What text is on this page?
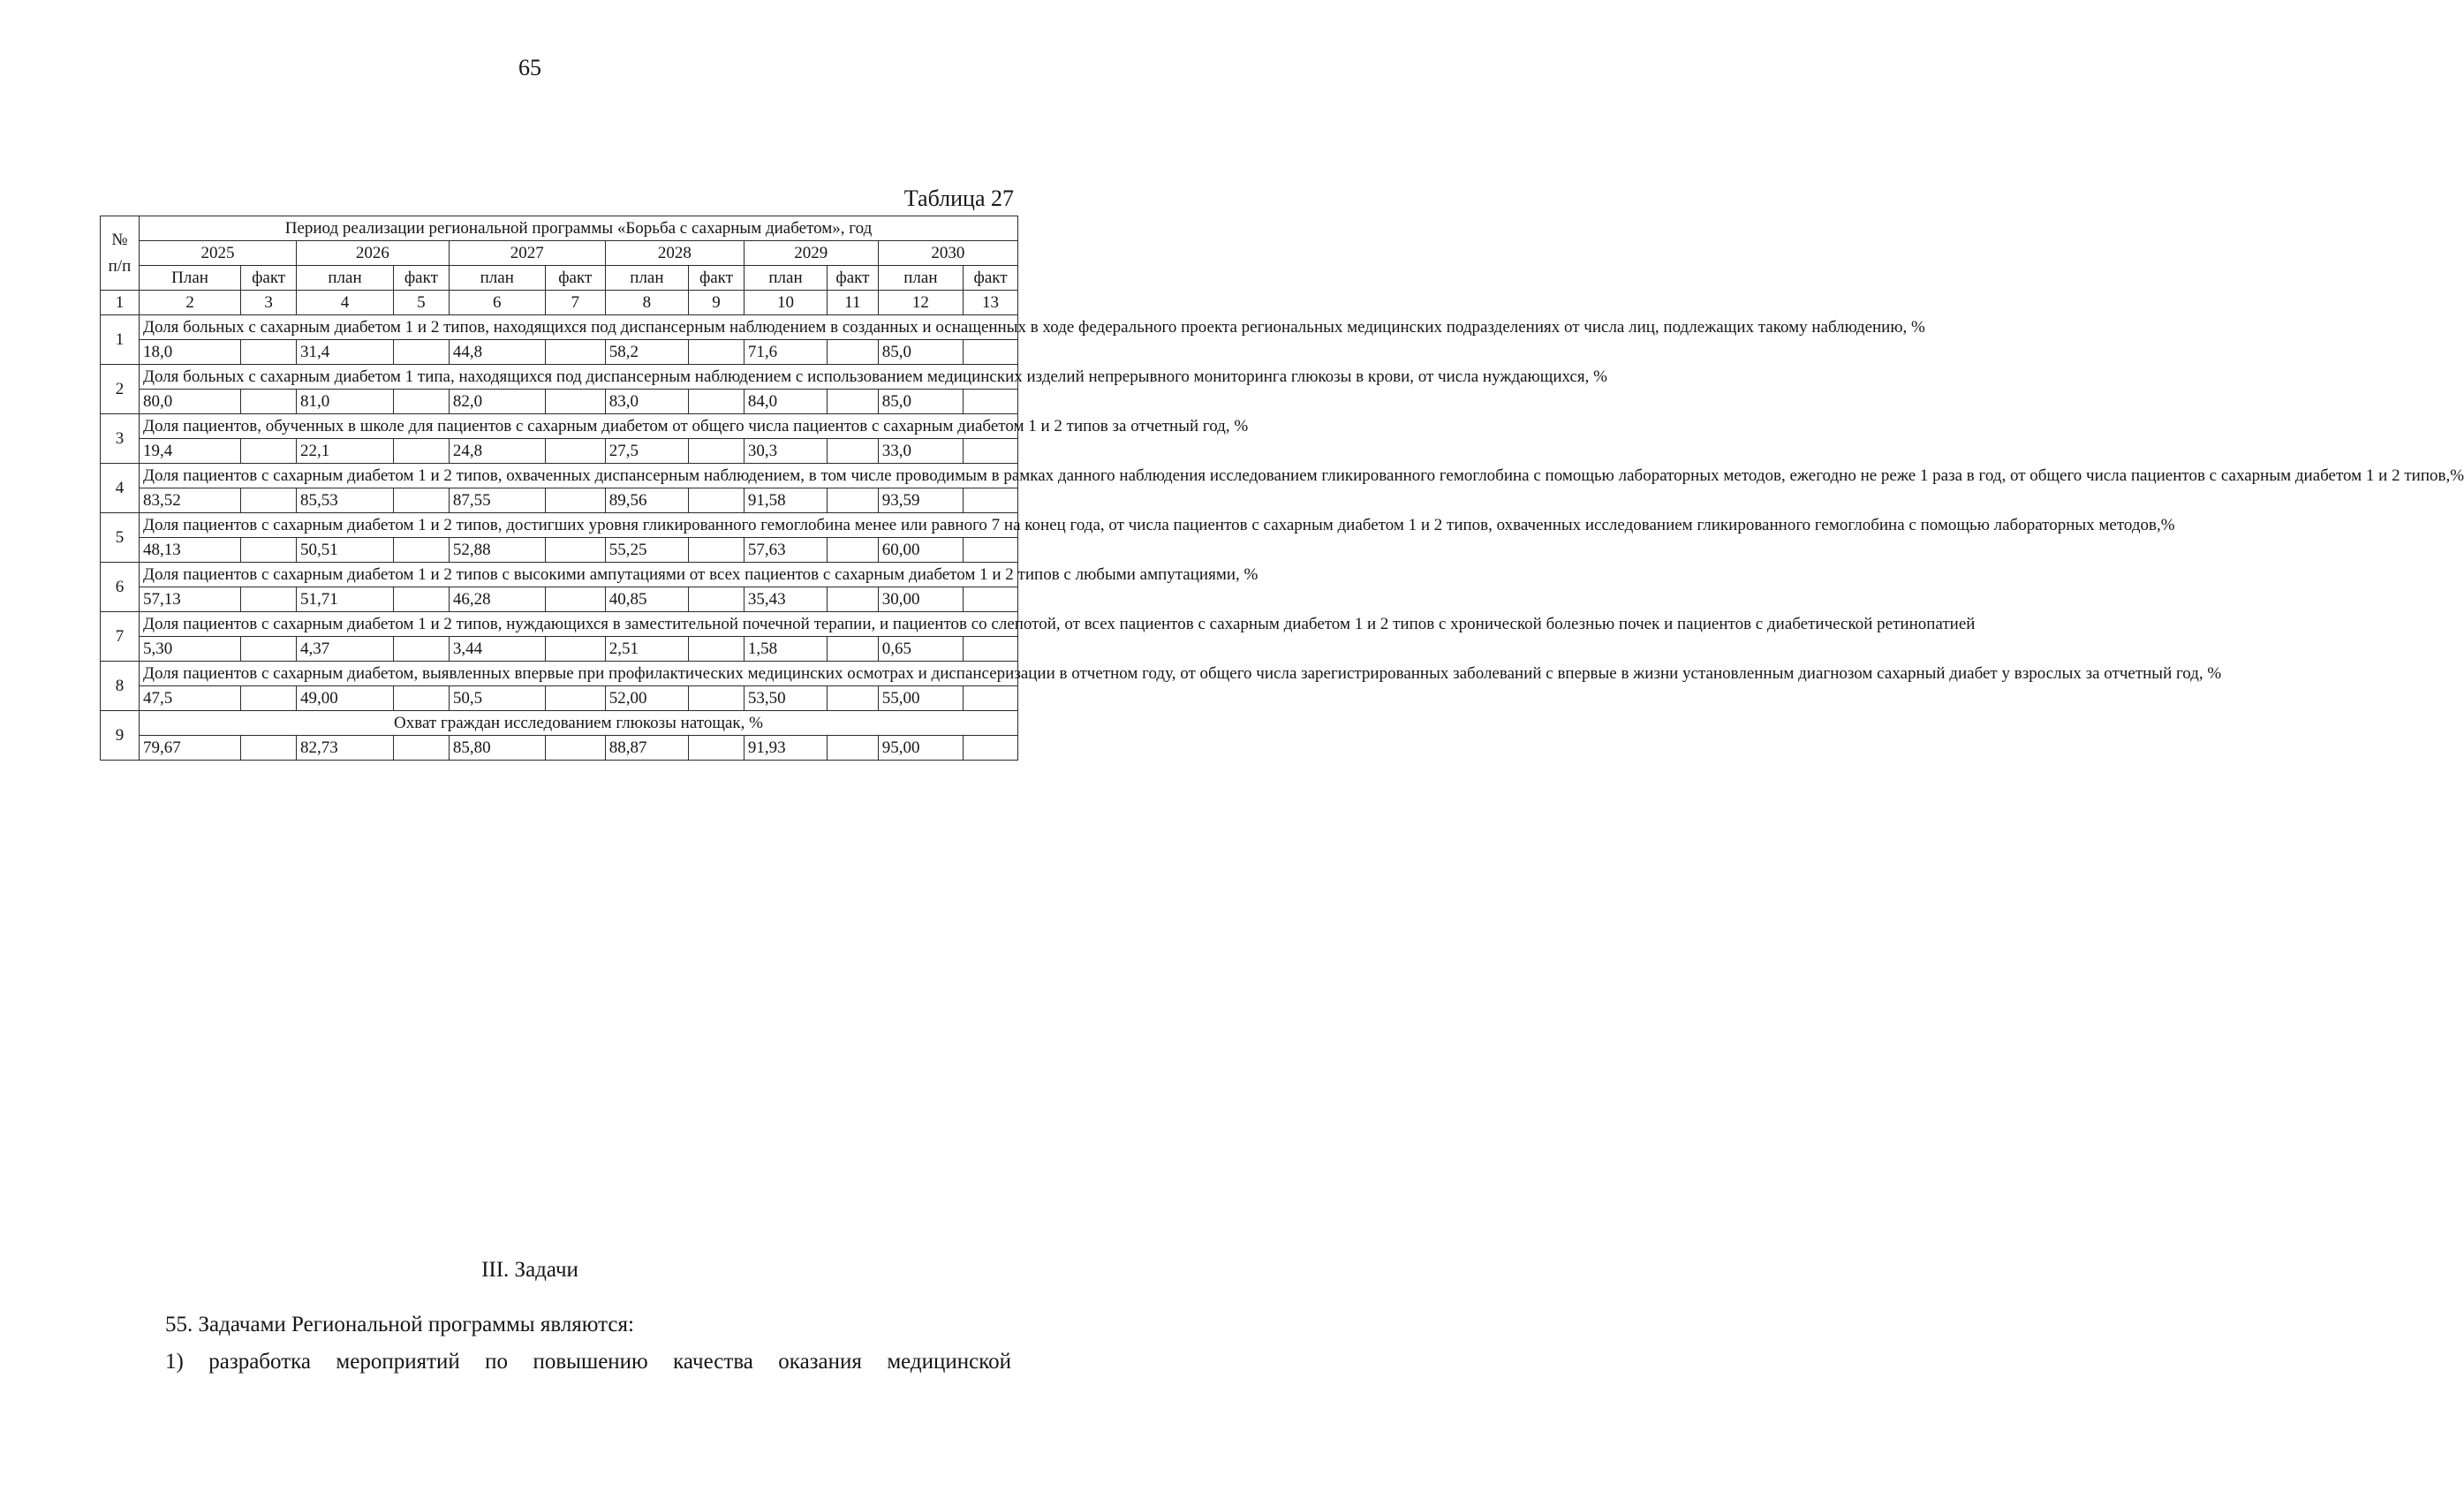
65
Таблица 27
№
п/п	Период реализации региональной программы «Борьба с сахарным диабетом», год											
	2025		2026		2027		2028		2029		2030	
	План	факт	план	факт	план	факт	план	факт	план	факт	план	факт
1	2	3	4	5	6	7	8	9	10	11	12	13
1	Доля больных с сахарным диабетом 1 и 2 типов, находящихся под диспансерным наблюдением в созданных и оснащенных в ходе федерального проекта региональных медицинских подразделениях от числа лиц, подлежащих такому наблюдению, %											
	18,0		31,4		44,8		58,2		71,6		85,0	
2	Доля больных с сахарным диабетом 1 типа, находящихся под диспансерным наблюдением с использованием медицинских изделий непрерывного мониторинга глюкозы в крови, от числа нуждающихся, %											
	80,0		81,0		82,0		83,0		84,0		85,0	
3	Доля пациентов, обученных в школе для пациентов с сахарным диабетом от общего числа пациентов с сахарным диабетом 1 и 2 типов за отчетный год, %											
	19,4		22,1		24,8		27,5		30,3		33,0	
4	Доля пациентов с сахарным диабетом 1 и 2 типов, охваченных диспансерным наблюдением, в том числе проводимым в рамках данного наблюдения исследованием гликированного гемоглобина с помощью лабораторных методов, ежегодно не реже 1 раза в год, от общего числа пациентов с сахарным диабетом 1 и 2 типов,%											
	83,52		85,53		87,55		89,56		91,58		93,59	
5	Доля пациентов с сахарным диабетом 1 и 2 типов, достигших уровня гликированного гемоглобина менее или равного 7 на конец года, от числа пациентов с сахарным диабетом 1 и 2 типов, охваченных исследованием гликированного гемоглобина с помощью лабораторных методов,%											
	48,13		50,51		52,88		55,25		57,63		60,00	
6	Доля пациентов с сахарным диабетом 1 и 2 типов с высокими ампутациями от всех пациентов с сахарным диабетом 1 и 2 типов с любыми ампутациями, %											
	57,13		51,71		46,28		40,85		35,43		30,00	
7	Доля пациентов с сахарным диабетом 1 и 2 типов, нуждающихся в заместительной почечной терапии, и пациентов со слепотой, от всех пациентов с сахарным диабетом 1 и 2 типов с хронической болезнью почек и пациентов с диабетической ретинопатией											
	5,30		4,37		3,44		2,51		1,58		0,65	
8	Доля пациентов с сахарным диабетом, выявленных впервые при профилактических медицинских осмотрах и диспансеризации в отчетном году, от общего числа зарегистрированных заболеваний с впервые в жизни установленным диагнозом сахарный диабет у взрослых за отчетный год, %											
	47,5		49,00		50,5		52,00		53,50		55,00	
9	Охват граждан исследованием глюкозы натощак, %											
	79,67		82,73		85,80		88,87		91,93		95,00	
III. Задачи
55. Задачами Региональной программы являются:
1) разработка мероприятий по повышению качества оказания медицинской
